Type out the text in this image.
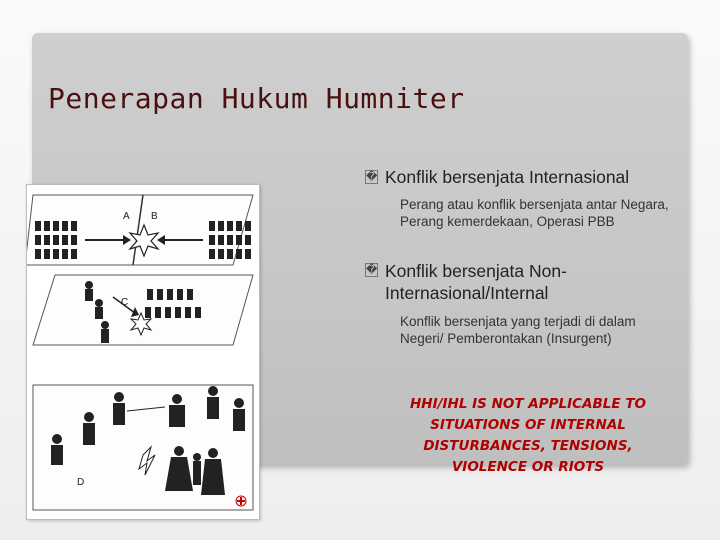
Penerapan Hukum Humniter
A B
C
D
� Konflik bersenjata Internasional
Perang atau konflik bersenjata antar Negara, Perang kemerdekaan, Operasi PBB
� Konflik bersenjata Non-Internasional/Internal
Konflik bersenjata yang terjadi di dalam Negeri/ Pemberontakan (Insurgent)
HHI/IHL IS NOT APPLICABLE TO SITUATIONS OF INTERNAL DISTURBANCES, TENSIONS, VIOLENCE OR RIOTS
